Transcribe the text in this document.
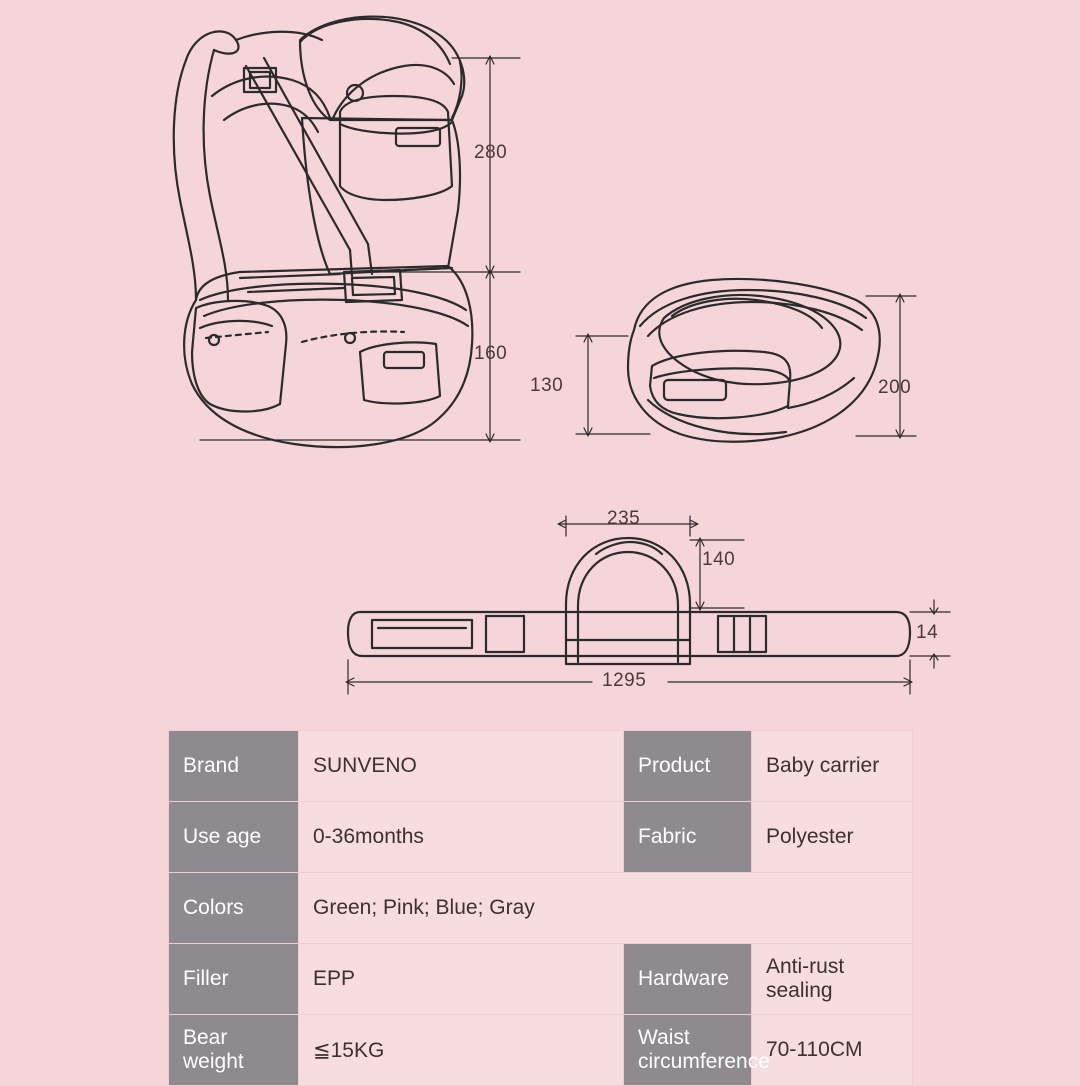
280
160
130	200
235
140
14
1295
Brand	SUNVENO	Product	Baby carrier
Use age	0-36months	Fabric	Polyester
Colors	Green; Pink; Blue; Gray		
Filler	EPP	Hardware	Anti-rust sealing
Bear weight	≦15KG	Waist circumference	70-110CM
